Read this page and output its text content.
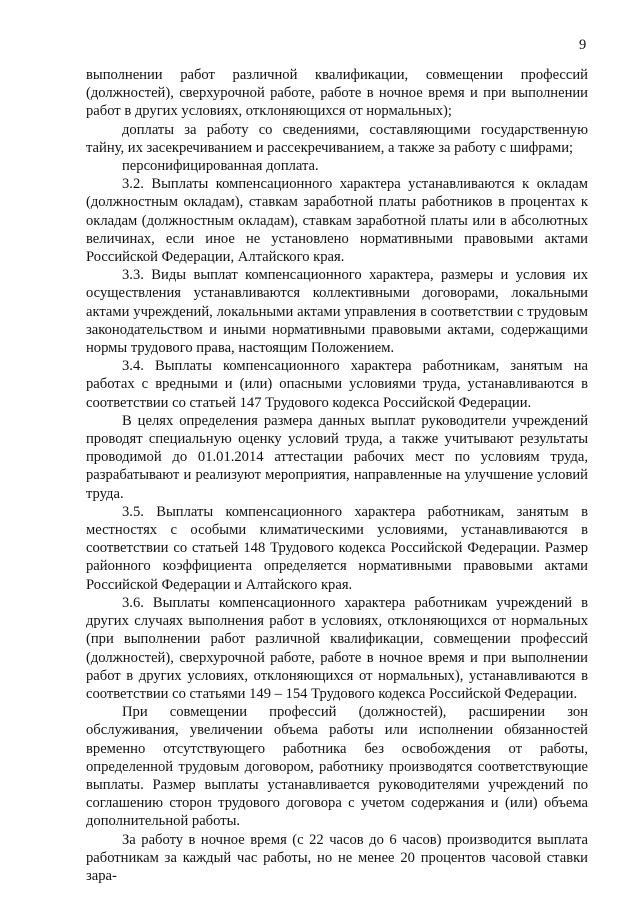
9

выполнении работ различной квалификации, совмещении профессий (должностей), сверхурочной работе, работе в ночное время и при выполнении работ в других условиях, отклоняющихся от нормальных);

доплаты за работу со сведениями, составляющими государственную тайну, их засекречиванием и рассекречиванием, а также за работу с шифрами;

персонифицированная доплата.

3.2. Выплаты компенсационного характера устанавливаются к окладам (должностным окладам), ставкам заработной платы работников в процентах к окладам (должностным окладам), ставкам заработной платы или в абсолютных величинах, если иное не установлено нормативными правовыми актами Российской Федерации, Алтайского края.

3.3. Виды выплат компенсационного характера, размеры и условия их осуществления устанавливаются коллективными договорами, локальными актами учреждений, локальными актами управления в соответствии с трудовым законодательством и иными нормативными правовыми актами, содержащими нормы трудового права, настоящим Положением.

3.4. Выплаты компенсационного характера работникам, занятым на работах с вредными и (или) опасными условиями труда, устанавливаются в соответствии со статьей 147 Трудового кодекса Российской Федерации.

В целях определения размера данных выплат руководители учреждений проводят специальную оценку условий труда, а также учитывают результаты проводимой до 01.01.2014 аттестации рабочих мест по условиям труда, разрабатывают и реализуют мероприятия, направленные на улучшение условий труда.

3.5. Выплаты компенсационного характера работникам, занятым в местностях с особыми климатическими условиями, устанавливаются в соответствии со статьей 148 Трудового кодекса Российской Федерации. Размер районного коэффициента определяется нормативными правовыми актами Российской Федерации и Алтайского края.

3.6. Выплаты компенсационного характера работникам учреждений в других случаях выполнения работ в условиях, отклоняющихся от нормальных (при выполнении работ различной квалификации, совмещении профессий (должностей), сверхурочной работе, работе в ночное время и при выполнении работ в других условиях, отклоняющихся от нормальных), устанавливаются в соответствии со статьями 149 – 154 Трудового кодекса Российской Федерации.

При совмещении профессий (должностей), расширении зон обслуживания, увеличении объема работы или исполнении обязанностей временно отсутствующего работника без освобождения от работы, определенной трудовым договором, работнику производятся соответствующие выплаты. Размер выплаты устанавливается руководителями учреждений по соглашению сторон трудового договора с учетом содержания и (или) объема дополнительной работы.

За работу в ночное время (с 22 часов до 6 часов) производится выплата работникам за каждый час работы, но не менее 20 процентов часовой ставки зара-
